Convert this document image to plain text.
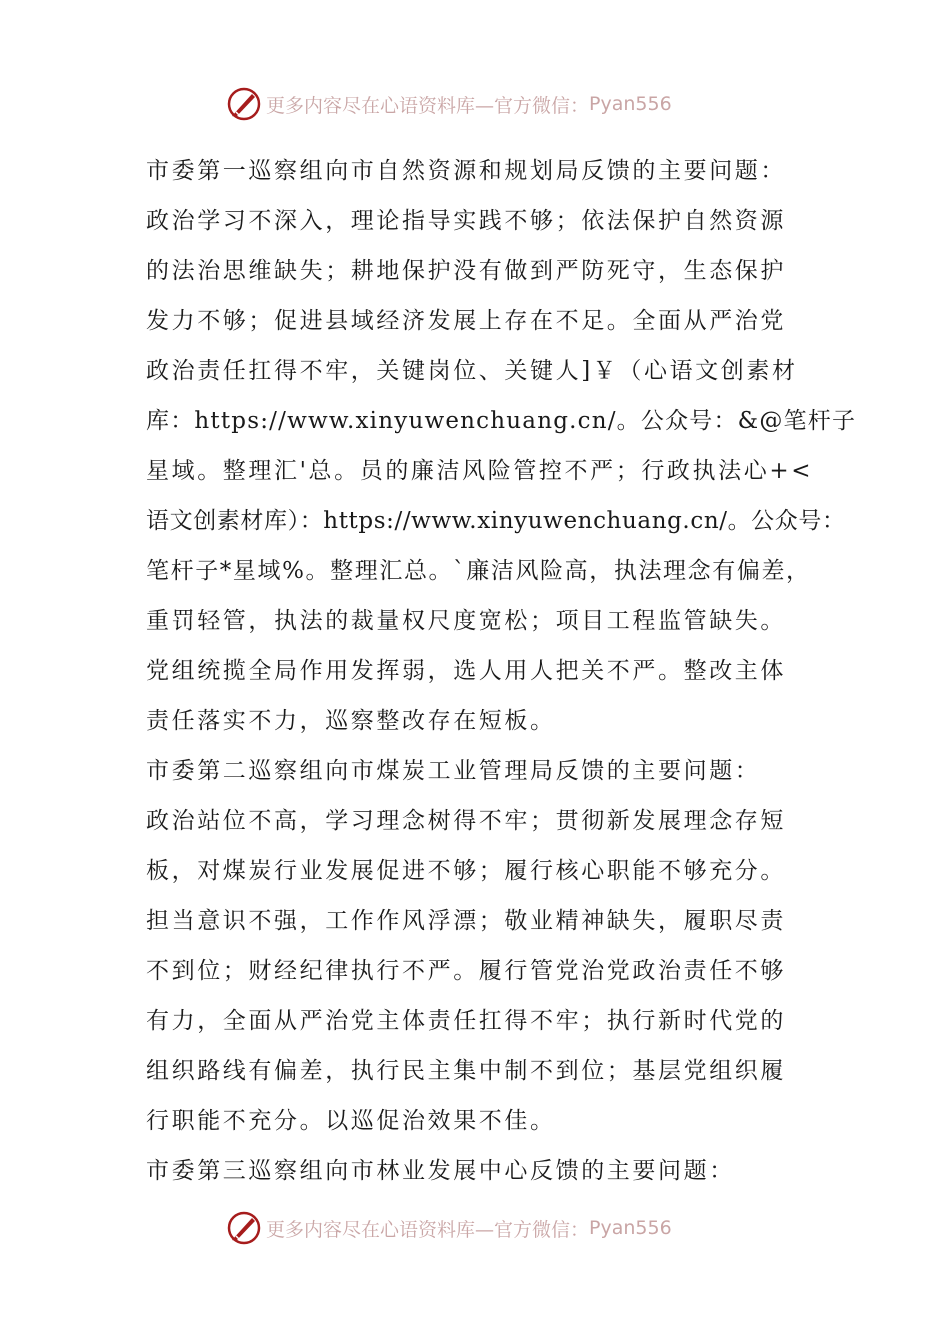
更多内容尽在心语资料库—官方微信： Pyan556
市委第一巡察组向市自然资源和规划局反馈的主要问题：
政治学习不深入，理论指导实践不够；依法保护自然资源
的法治思维缺失；耕地保护没有做到严防死守，生态保护
发力不够；促进县域经济发展上存在不足。全面从严治党
政治责任扛得不牢，关键岗位、关键人]￥（心语文创素材
库：https://www.xinyuwenchuang.cn/。公众号：&@笔杆子
星域。整理汇'总。员的廉洁风险管控不严；行政执法心+<
语文创素材库）：https://www.xinyuwenchuang.cn/。公众号：
笔杆子*星域%。整理汇总。`廉洁风险高，执法理念有偏差，
重罚轻管，执法的裁量权尺度宽松；项目工程监管缺失。
党组统揽全局作用发挥弱，选人用人把关不严。整改主体
责任落实不力，巡察整改存在短板。
市委第二巡察组向市煤炭工业管理局反馈的主要问题：
政治站位不高，学习理念树得不牢；贯彻新发展理念存短
板，对煤炭行业发展促进不够；履行核心职能不够充分。
担当意识不强，工作作风浮漂；敬业精神缺失，履职尽责
不到位；财经纪律执行不严。履行管党治党政治责任不够
有力，全面从严治党主体责任扛得不牢；执行新时代党的
组织路线有偏差，执行民主集中制不到位；基层党组织履
行职能不充分。以巡促治效果不佳。
市委第三巡察组向市林业发展中心反馈的主要问题：
更多内容尽在心语资料库—官方微信： Pyan556
